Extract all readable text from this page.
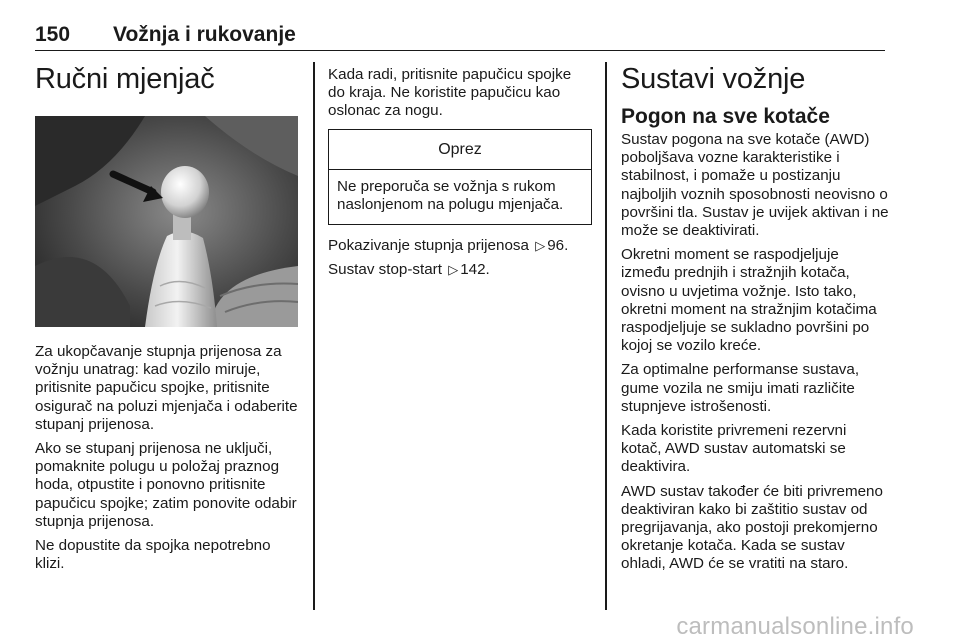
150 Vožnja i rukovanje
Ručni mjenjač

Za ukopčavanje stupnja prijenosa za vožnju unatrag: kad vozilo miruje, pritisnite papučicu spojke, pritisnite osigurač na poluzi mjenjača i odaberite stupanj prijenosa.

Ako se stupanj prijenosa ne uključi, pomaknite polugu u položaj praznog hoda, otpustite i ponovno pritisnite papučicu spojke; zatim ponovite odabir stupnja prijenosa.

Ne dopustite da spojka nepotrebno klizi.

Kada radi, pritisnite papučicu spojke do kraja. Ne koristite papučicu kao oslonac za nogu.

Oprez

Ne preporuča se vožnja s rukom naslonjenom na polugu mjenjača.

Pokazivanje stupnja prijenosa ▷ 96.

Sustav stop-start ▷ 142.

Sustavi vožnje
Pogon na sve kotače

Sustav pogona na sve kotače (AWD) poboljšava vozne karakteristike i stabilnost, i pomaže u postizanju najboljih voznih sposobnosti neovisno o površini tla. Sustav je uvijek aktivan i ne može se deaktivirati.

Okretni moment se raspodjeljuje između prednjih i stražnjih kotača, ovisno u uvjetima vožnje. Isto tako, okretni moment na stražnjim kotačima raspodjeljuje se sukladno površini po kojoj se vozilo kreće.

Za optimalne performanse sustava, gume vozila ne smiju imati različite stupnjeve istrošenosti.

Kada koristite privremeni rezervni kotač, AWD sustav automatski se deaktivira.

AWD sustav također će biti privremeno deaktiviran kako bi zaštitio sustav od pregrijavanja, ako postoji prekomjerno okretanje kotača. Kada se sustav ohladi, AWD će se vratiti na staro.

carmanualsonline.info
